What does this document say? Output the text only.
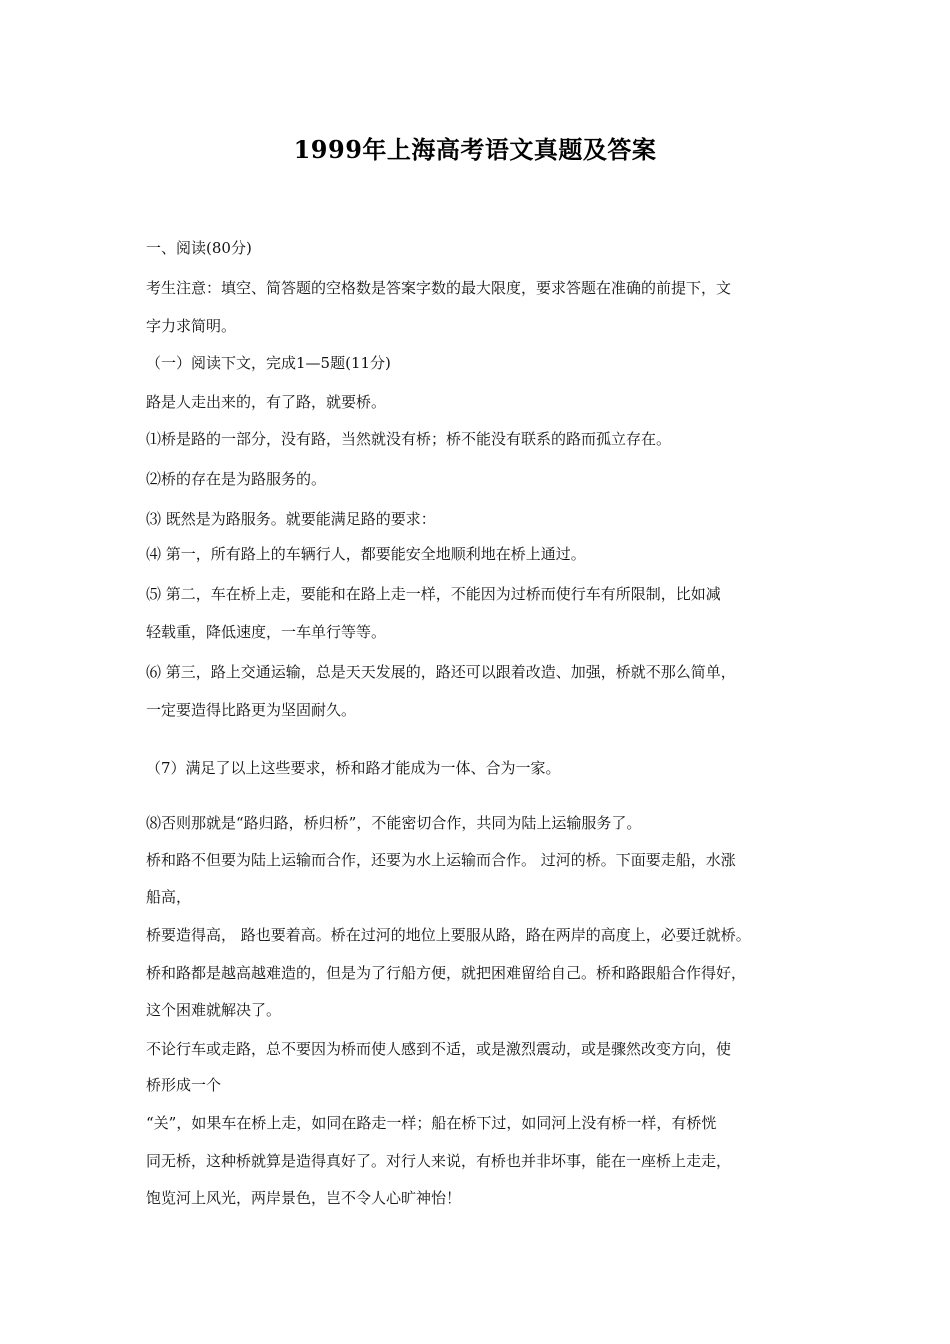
1999年上海高考语文真题及答案
一、阅读(80分)
考生注意：填空、简答题的空格数是答案字数的最大限度，要求答题在准确的前提下，文
字力求简明。
（一）阅读下文，完成1—5题(11分)
路是人走出来的，有了路，就要桥。
⑴桥是路的一部分，没有路，当然就没有桥；桥不能没有联系的路而孤立存在。
⑵桥的存在是为路服务的。
⑶ 既然是为路服务。就要能满足路的要求：
⑷ 第一，所有路上的车辆行人，都要能安全地顺利地在桥上通过。
⑸ 第二，车在桥上走，要能和在路上走一样，不能因为过桥而使行车有所限制，比如减
轻载重，降低速度，一车单行等等。
⑹ 第三，路上交通运输，总是天天发展的，路还可以跟着改造、加强，桥就不那么简单，
一定要造得比路更为坚固耐久。
（7）满足了以上这些要求，桥和路才能成为一体、合为一家。
⑻否则那就是“路归路，桥归桥”，不能密切合作，共同为陆上运输服务了。
桥和路不但要为陆上运输而合作，还要为水上运输而合作。 过河的桥。下面要走船，水涨
船高，
桥要造得高， 路也要着高。桥在过河的地位上要服从路，路在两岸的高度上，必要迁就桥。
桥和路都是越高越难造的，但是为了行船方便，就把困难留给自己。桥和路跟船合作得好，
这个困难就解决了。
不论行车或走路，总不要因为桥而使人感到不适，或是激烈震动，或是骤然改变方向，使
桥形成一个
“关”，如果车在桥上走，如同在路走一样；船在桥下过，如同河上没有桥一样，有桥恍
同无桥，这种桥就算是造得真好了。对行人来说，有桥也并非坏事，能在一座桥上走走，
饱览河上风光，两岸景色，岂不令人心旷神怡！
